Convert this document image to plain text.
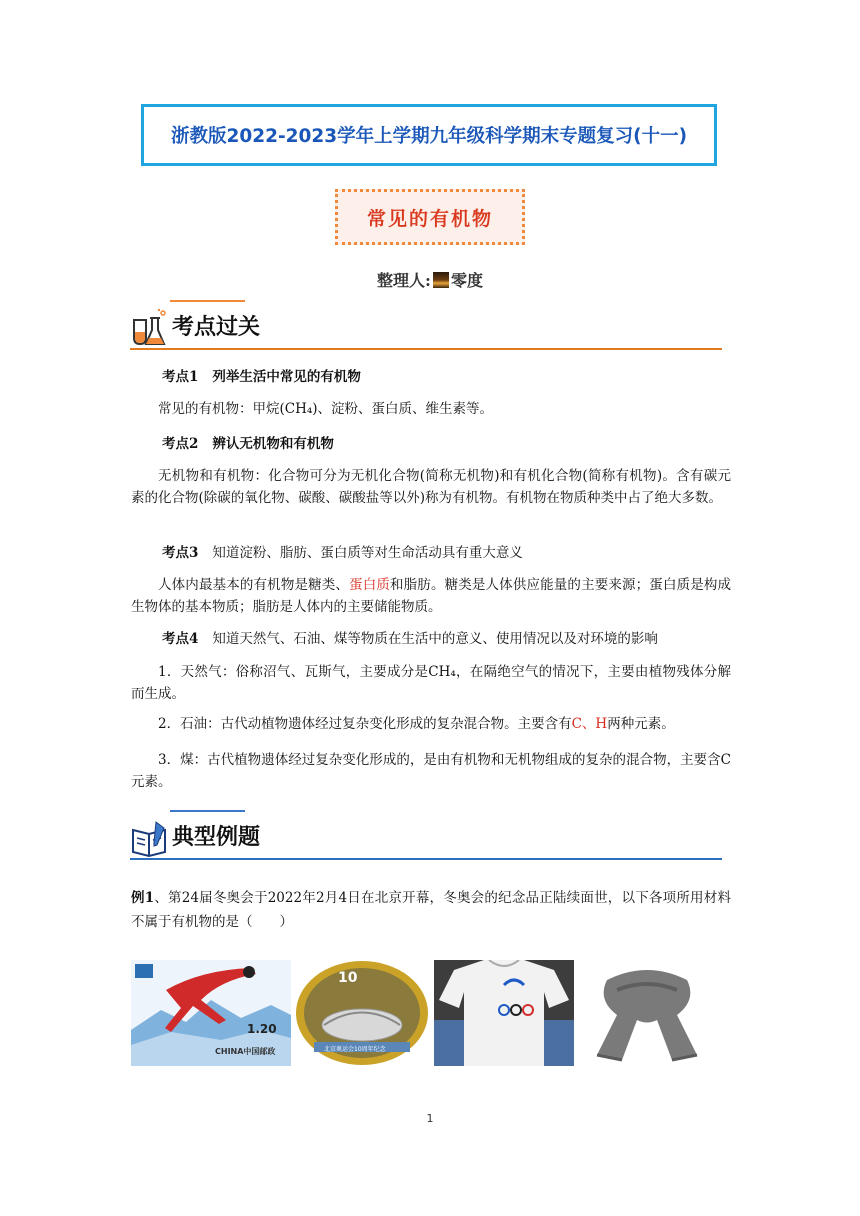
浙教版2022-2023学年上学期九年级科学期末专题复习(十一)
常见的有机物
整理人: 零度
考点过关
考点1 列举生活中常见的有机物
常见的有机物：甲烷(CH₄)、淀粉、蛋白质、维生素等。
考点2 辨认无机物和有机物
无机物和有机物：化合物可分为无机化合物(简称无机物)和有机化合物(简称有机物)。含有碳元素的化合物(除碳的氧化物、碳酸、碳酸盐等以外)称为有机物。有机物在物质种类中占了绝大多数。
考点3 知道淀粉、脂肪、蛋白质等对生命活动具有重大意义
人体内最基本的有机物是糖类、蛋白质和脂肪。糖类是人体供应能量的主要来源；蛋白质是构成生物体的基本物质；脂肪是人体内的主要储能物质。
考点4 知道天然气、石油、煤等物质在生活中的意义、使用情况以及对环境的影响
1．天然气：俗称沼气、瓦斯气，主要成分是CH₄，在隔绝空气的情况下，主要由植物残体分解而生成。
2．石油：古代动植物遗体经过复杂变化形成的复杂混合物。主要含有C、H两种元素。
3．煤：古代植物遗体经过复杂变化形成的，是由有机物和无机物组成的复杂的混合物，主要含C元素。
典型例题
例1、第24届冬奥会于2022年2月4日在北京开幕，冬奥会的纪念品正陆续面世，以下各项所用材料不属于有机物的是（　　）
1.20
CHINA中国邮政
10
北京奥运会10周年纪念
1
